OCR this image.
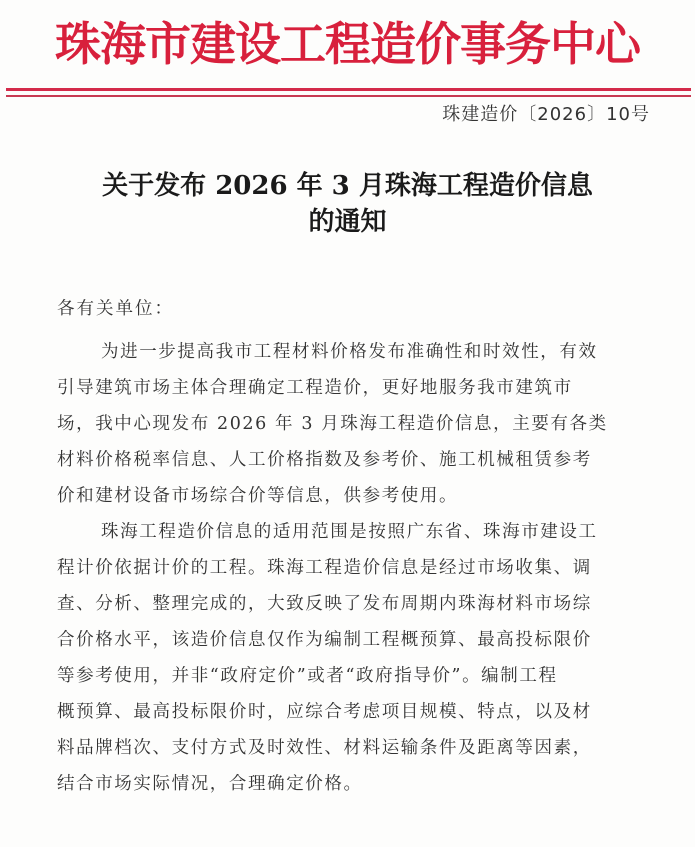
珠海市建设工程造价事务中心
珠建造价〔2026〕10号
关于发布 2026 年 3 月珠海工程造价信息
的通知
各有关单位：
为进一步提高我市工程材料价格发布准确性和时效性，有效
引导建筑市场主体合理确定工程造价，更好地服务我市建筑市
场，我中心现发布 2026 年 3 月珠海工程造价信息，主要有各类
材料价格税率信息、人工价格指数及参考价、施工机械租赁参考
价和建材设备市场综合价等信息，供参考使用。
珠海工程造价信息的适用范围是按照广东省、珠海市建设工
程计价依据计价的工程。珠海工程造价信息是经过市场收集、调
查、分析、整理完成的，大致反映了发布周期内珠海材料市场综
合价格水平，该造价信息仅作为编制工程概预算、最高投标限价
等参考使用，并非“政府定价”或者“政府指导价”。编制工程
概预算、最高投标限价时，应综合考虑项目规模、特点，以及材
料品牌档次、支付方式及时效性、材料运输条件及距离等因素，
结合市场实际情况，合理确定价格。
